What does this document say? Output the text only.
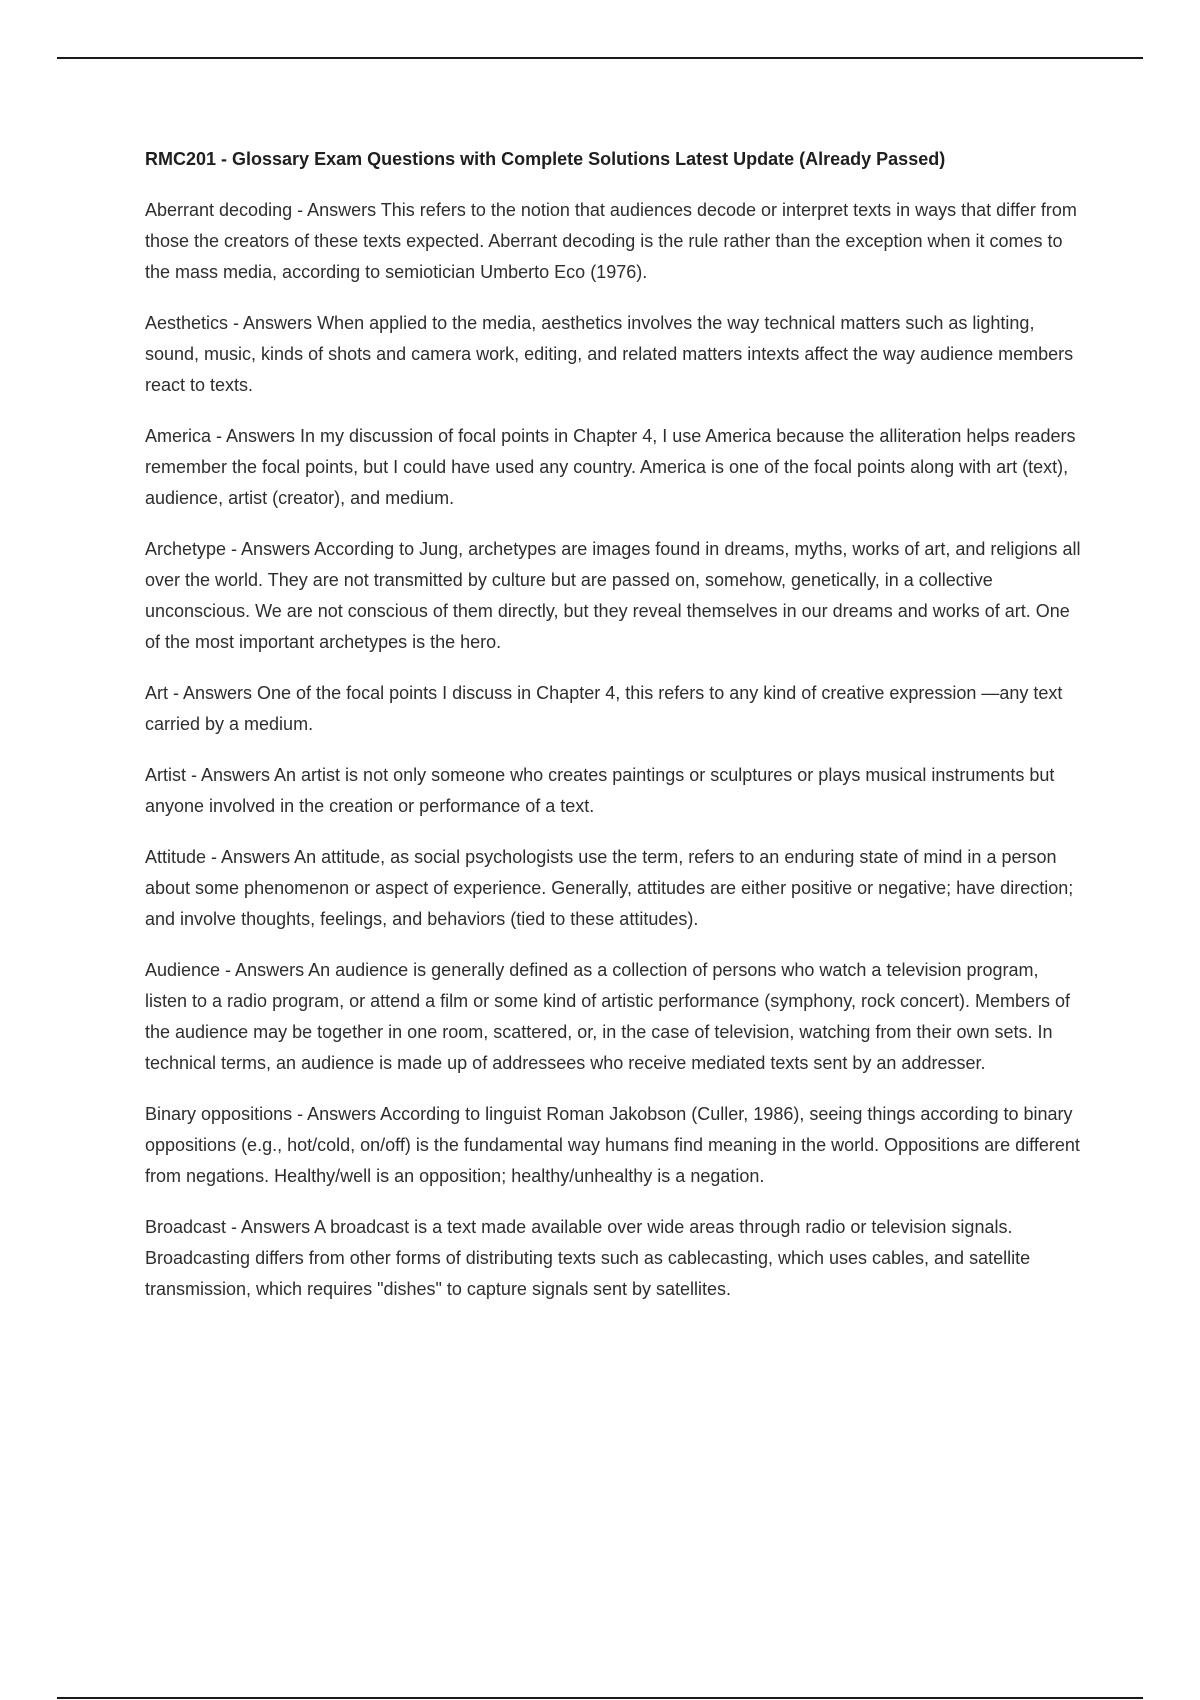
RMC201 - Glossary Exam Questions with Complete Solutions Latest Update (Already Passed)

Aberrant decoding - Answers This refers to the notion that audiences decode or interpret texts in ways that differ from those the creators of these texts expected. Aberrant decoding is the rule rather than the exception when it comes to the mass media, according to semiotician Umberto Eco (1976).

Aesthetics - Answers When applied to the media, aesthetics involves the way technical matters such as lighting, sound, music, kinds of shots and camera work, editing, and related matters intexts affect the way audience members react to texts.

America - Answers In my discussion of focal points in Chapter 4, I use America because the alliteration helps readers remember the focal points, but I could have used any country. America is one of the focal points along with art (text), audience, artist (creator), and medium.

Archetype - Answers According to Jung, archetypes are images found in dreams, myths, works of art, and religions all over the world. They are not transmitted by culture but are passed on, somehow, genetically, in a collective unconscious. We are not conscious of them directly, but they reveal themselves in our dreams and works of art. One of the most important archetypes is the hero.

Art - Answers One of the focal points I discuss in Chapter 4, this refers to any kind of creative expression —any text carried by a medium.

Artist - Answers An artist is not only someone who creates paintings or sculptures or plays musical instruments but anyone involved in the creation or performance of a text.

Attitude - Answers An attitude, as social psychologists use the term, refers to an enduring state of mind in a person about some phenomenon or aspect of experience. Generally, attitudes are either positive or negative; have direction; and involve thoughts, feelings, and behaviors (tied to these attitudes).

Audience - Answers An audience is generally defined as a collection of persons who watch a television program, listen to a radio program, or attend a film or some kind of artistic performance (symphony, rock concert). Members of the audience may be together in one room, scattered, or, in the case of television, watching from their own sets. In technical terms, an audience is made up of addressees who receive mediated texts sent by an addresser.

Binary oppositions - Answers According to linguist Roman Jakobson (Culler, 1986), seeing things according to binary oppositions (e.g., hot/cold, on/off) is the fundamental way humans find meaning in the world. Oppositions are different from negations. Healthy/well is an opposition; healthy/unhealthy is a negation.

Broadcast - Answers A broadcast is a text made available over wide areas through radio or television signals. Broadcasting differs from other forms of distributing texts such as cablecasting, which uses cables, and satellite transmission, which requires "dishes" to capture signals sent by satellites.
